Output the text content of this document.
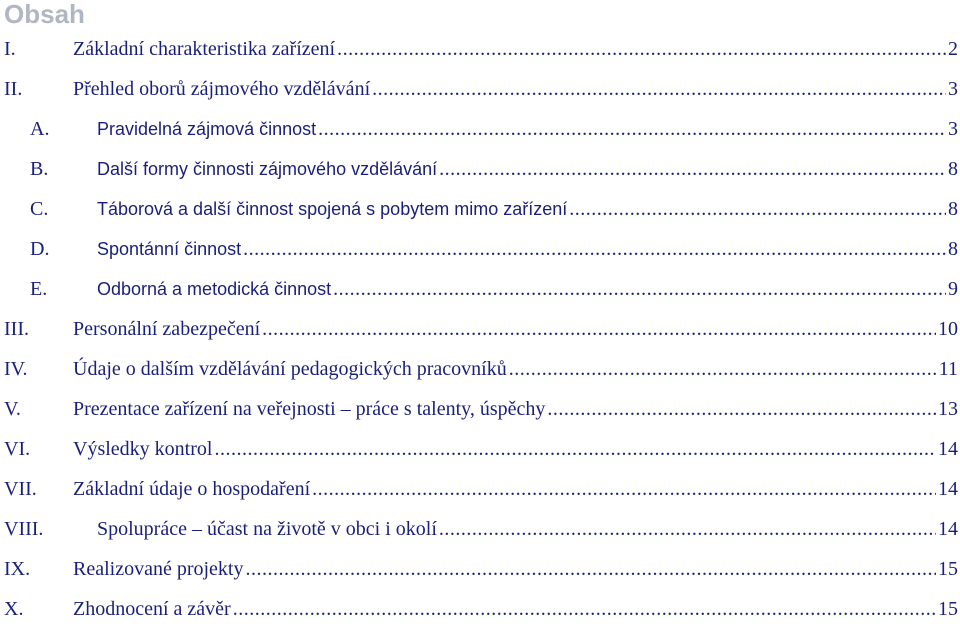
Obsah
I.	Základní charakteristika zařízení .....	2
II.	Přehled oborů zájmového vzdělávání .....	3
A.	Pravidelná zájmová činnost .....	3
B.	Další formy činnosti zájmového vzdělávání .....	8
C.	Táborová a další činnost spojená s pobytem mimo zařízení .....	8
D.	Spontánní činnost .....	8
E.	Odborná a metodická činnost .....	9
III. Personální zabezpečení .....	10
IV. Údaje o dalším vzdělávání pedagogických pracovníků .....	11
V.	Prezentace zařízení na veřejnosti – práce s talenty, úspěchy .....	13
VI. Výsledky kontrol .....	14
VII. Základní údaje o hospodaření .....	14
VIII.	Spolupráce – účast na životě v obci i okolí .....	14
IX. Realizované projekty .....	15
X. Zhodnocení a závěr .....	15
